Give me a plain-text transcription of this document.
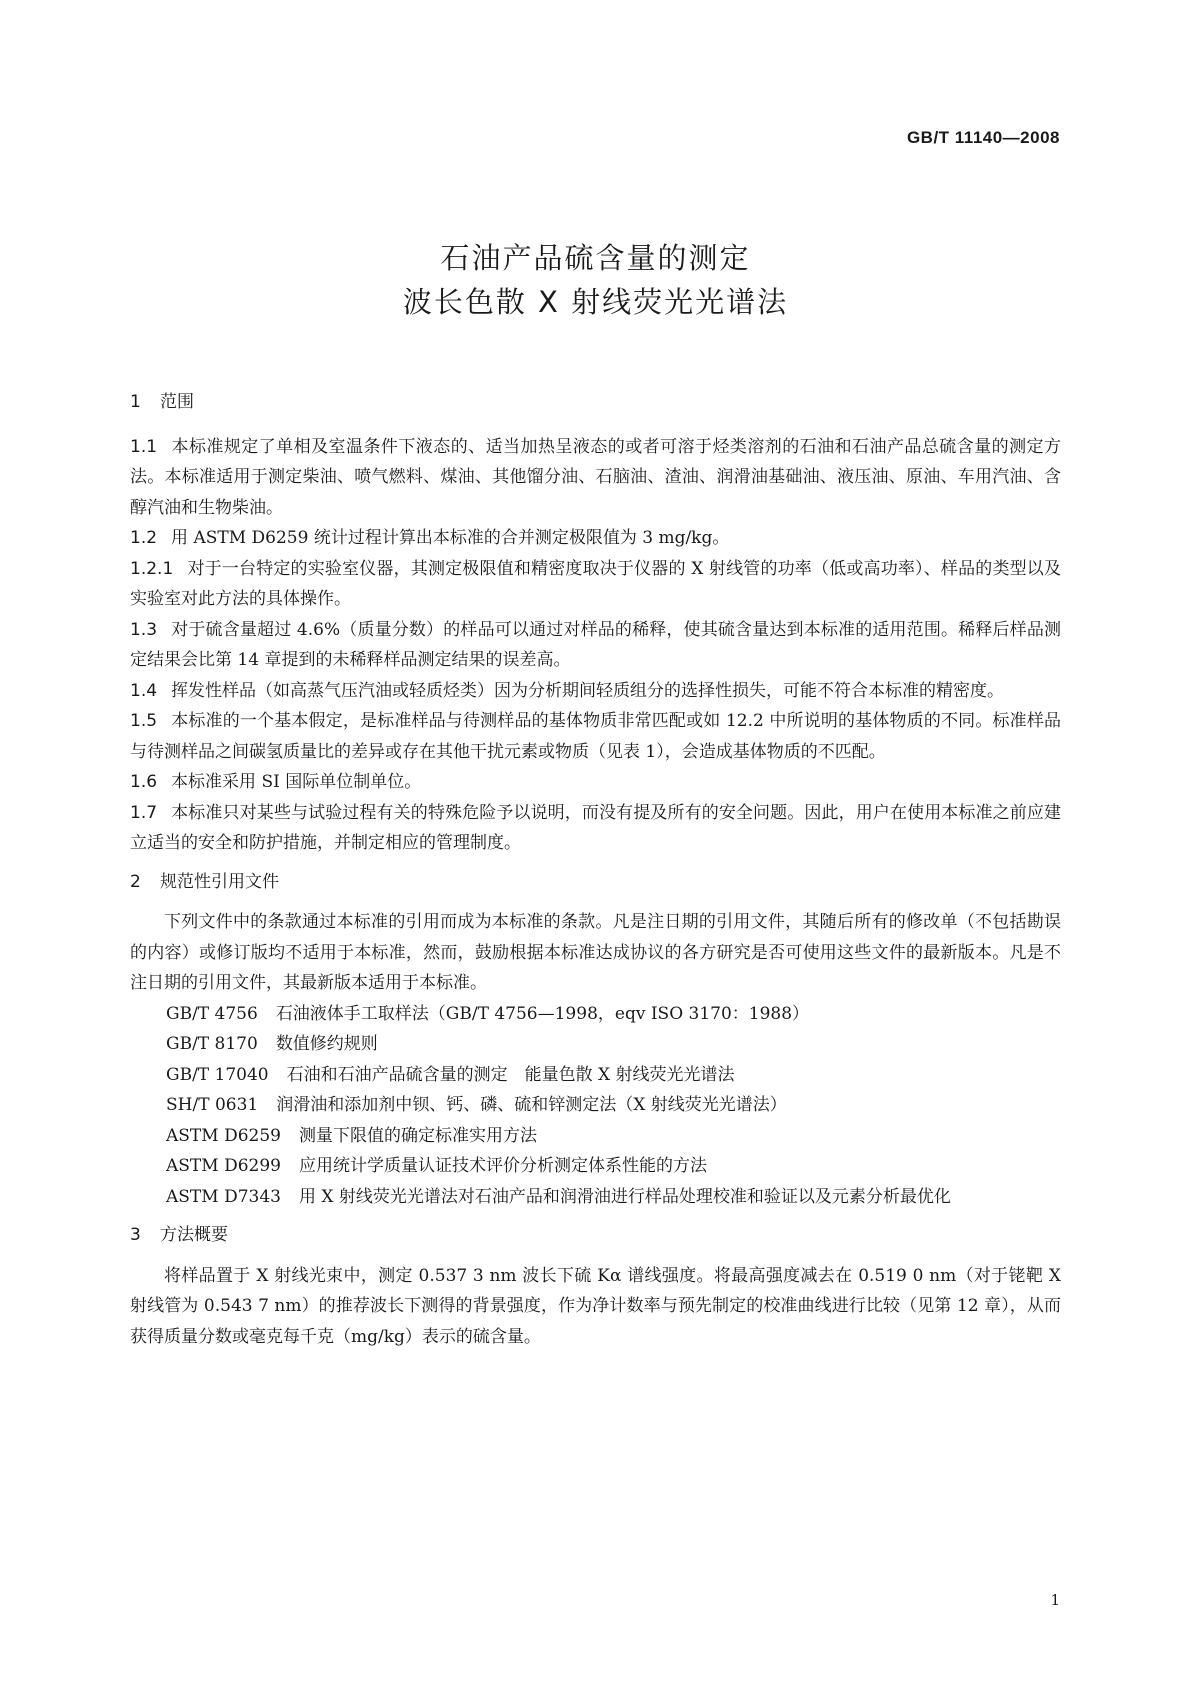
GB/T 11140—2008
石油产品硫含量的测定
波长色散 X 射线荧光光谱法
1 范围

1.1 本标准规定了单相及室温条件下液态的、适当加热呈液态的或者可溶于烃类溶剂的石油和石油产品总硫含量的测定方法。本标准适用于测定柴油、喷气燃料、煤油、其他馏分油、石脑油、渣油、润滑油基础油、液压油、原油、车用汽油、含醇汽油和生物柴油。

1.2 用 ASTM D6259 统计过程计算出本标准的合并测定极限值为 3 mg/kg。

1.2.1 对于一台特定的实验室仪器，其测定极限值和精密度取决于仪器的 X 射线管的功率（低或高功率）、样品的类型以及实验室对此方法的具体操作。

1.3 对于硫含量超过 4.6%（质量分数）的样品可以通过对样品的稀释，使其硫含量达到本标准的适用范围。稀释后样品测定结果会比第 14 章提到的未稀释样品测定结果的误差高。

1.4 挥发性样品（如高蒸气压汽油或轻质烃类）因为分析期间轻质组分的选择性损失，可能不符合本标准的精密度。

1.5 本标准的一个基本假定，是标准样品与待测样品的基体物质非常匹配或如 12.2 中所说明的基体物质的不同。标准样品与待测样品之间碳氢质量比的差异或存在其他干扰元素或物质（见表 1），会造成基体物质的不匹配。

1.6 本标准采用 SI 国际单位制单位。

1.7 本标准只对某些与试验过程有关的特殊危险予以说明，而没有提及所有的安全问题。因此，用户在使用本标准之前应建立适当的安全和防护措施，并制定相应的管理制度。

2 规范性引用文件

下列文件中的条款通过本标准的引用而成为本标准的条款。凡是注日期的引用文件，其随后所有的修改单（不包括勘误的内容）或修订版均不适用于本标准，然而，鼓励根据本标准达成协议的各方研究是否可使用这些文件的最新版本。凡是不注日期的引用文件，其最新版本适用于本标准。

GB/T 4756 石油液体手工取样法（GB/T 4756—1998，eqv ISO 3170：1988）
GB/T 8170 数值修约规则
GB/T 17040 石油和石油产品硫含量的测定　能量色散 X 射线荧光光谱法
SH/T 0631 润滑油和添加剂中钡、钙、磷、硫和锌测定法（X 射线荧光光谱法）
ASTM D6259 测量下限值的确定标准实用方法
ASTM D6299 应用统计学质量认证技术评价分析测定体系性能的方法

ASTM D7343 用 X 射线荧光光谱法对石油产品和润滑油进行样品处理校准和验证以及元素分析最优化

3 方法概要

将样品置于 X 射线光束中，测定 0.537 3 nm 波长下硫 Kα 谱线强度。将最高强度减去在 0.519 0 nm（对于铑靶 X 射线管为 0.543 7 nm）的推荐波长下测得的背景强度，作为净计数率与预先制定的校准曲线进行比较（见第 12 章），从而获得质量分数或毫克每千克（mg/kg）表示的硫含量。

1
